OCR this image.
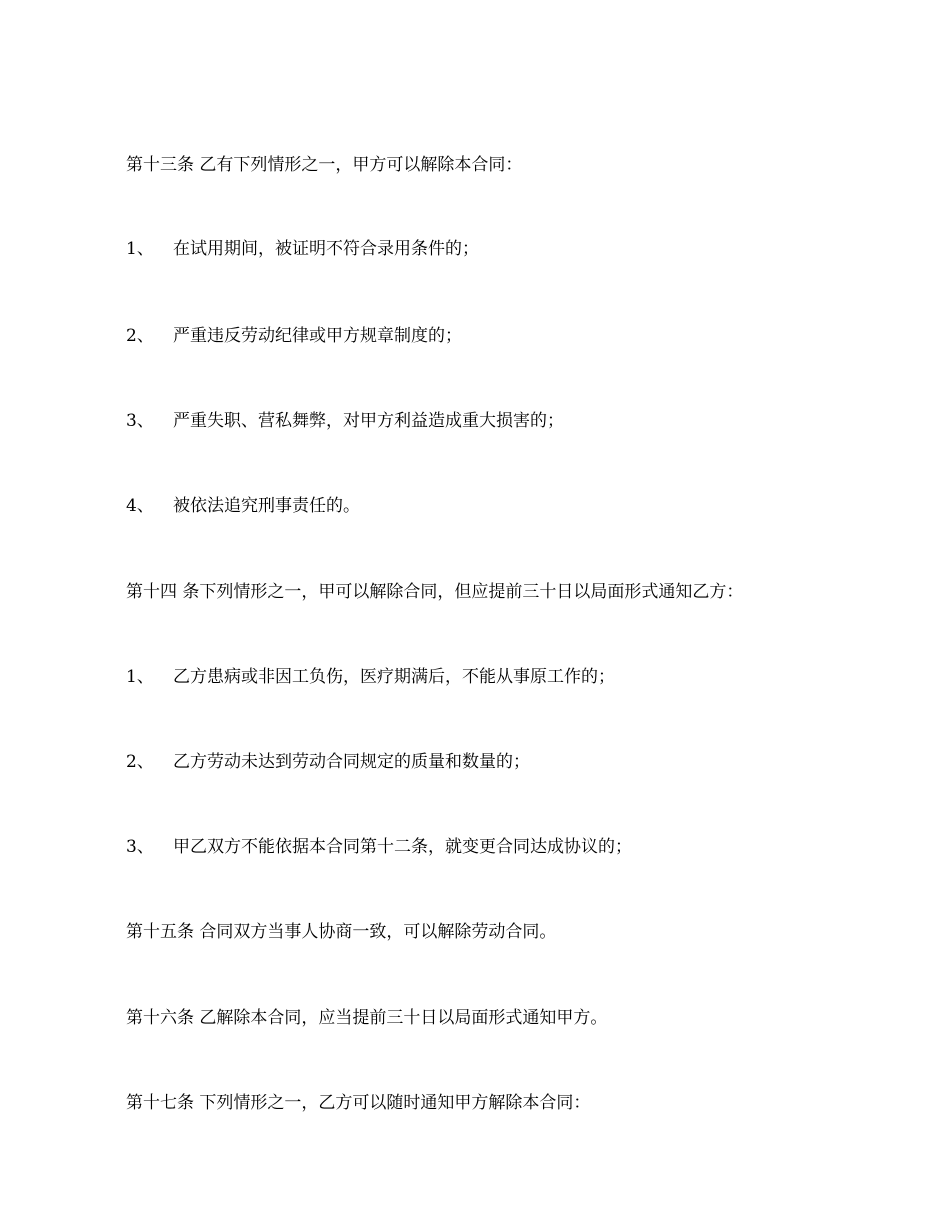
第十三条 乙有下列情形之一，甲方可以解除本合同：
1、 在试用期间，被证明不符合录用条件的；
2、 严重违反劳动纪律或甲方规章制度的；
3、 严重失职、营私舞弊，对甲方利益造成重大损害的；
4、 被依法追究刑事责任的。
第十四 条下列情形之一，甲可以解除合同，但应提前三十日以局面形式通知乙方：
1、 乙方患病或非因工负伤，医疗期满后，不能从事原工作的；
2、 乙方劳动未达到劳动合同规定的质量和数量的；
3、 甲乙双方不能依据本合同第十二条，就变更合同达成协议的；
第十五条 合同双方当事人协商一致，可以解除劳动合同。
第十六条 乙解除本合同，应当提前三十日以局面形式通知甲方。
第十七条 下列情形之一，乙方可以随时通知甲方解除本合同：
